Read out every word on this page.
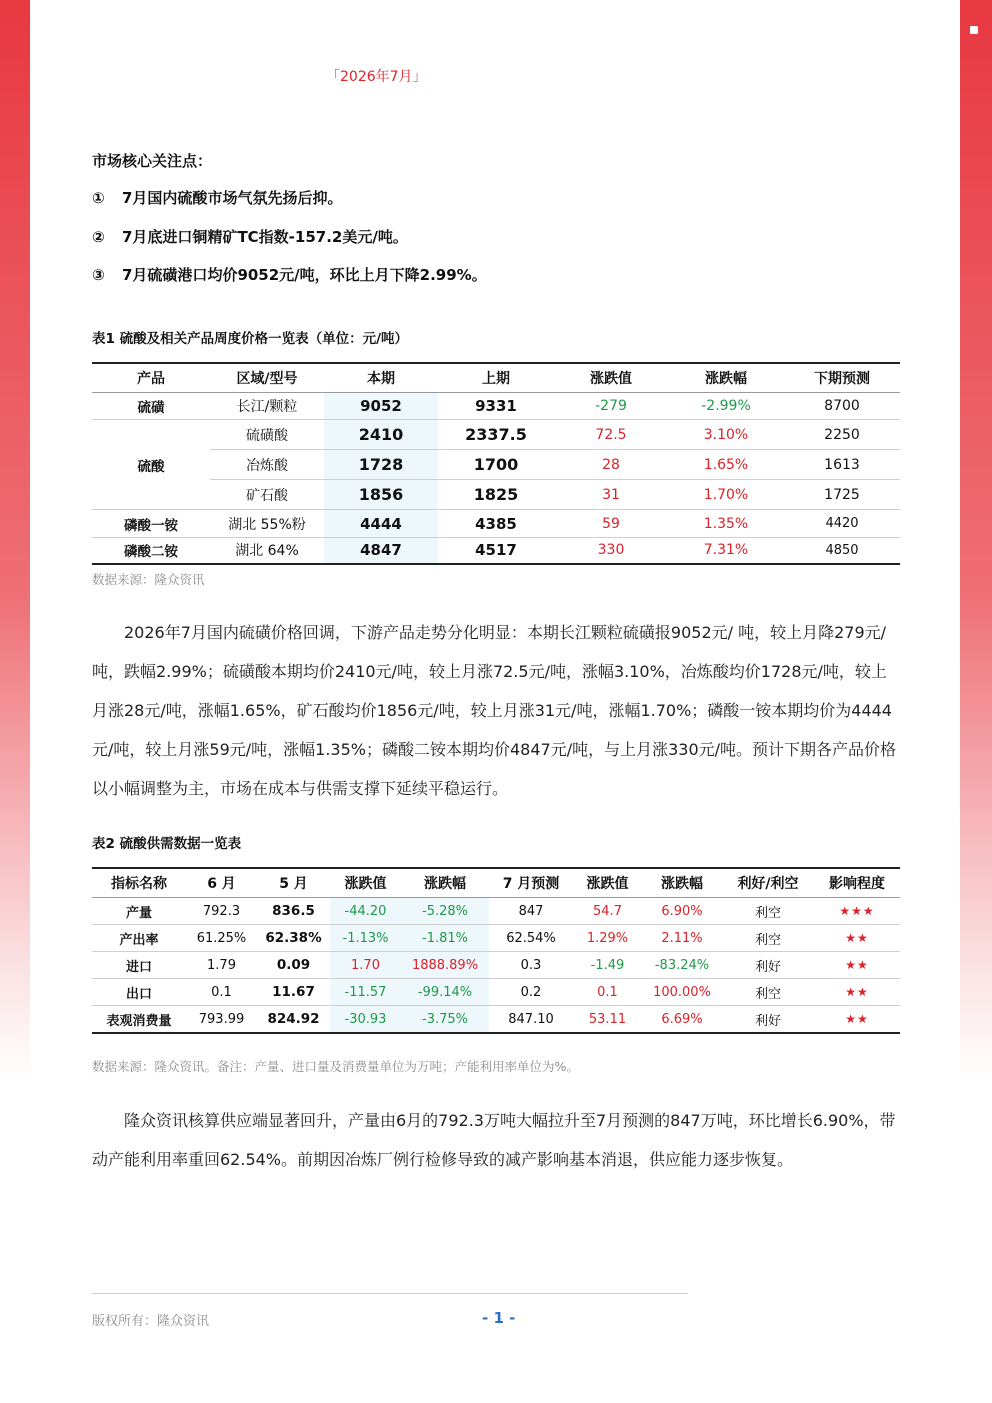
「2026年7月」
市场核心关注点：
① 7月国内硫酸市场气氛先扬后抑。
② 7月底进口铜精矿TC指数-157.2美元/吨。
③ 7月硫磺港口均价9052元/吨，环比上月下降2.99%。
表1 硫酸及相关产品周度价格一览表（单位：元/吨）
产品	区域/型号	本期	上期	涨跌值	涨跌幅	下期预测
硫磺	长江/颗粒	9052	9331	-279	-2.99%	8700
硫酸	硫磺酸	2410	2337.5	72.5	3.10%	2250
	冶炼酸	1728	1700	28	1.65%	1613
	矿石酸	1856	1825	31	1.70%	1725
磷酸一铵	湖北 55%粉	4444	4385	59	1.35%	4420
磷酸二铵	湖北 64%	4847	4517	330	7.31%	4850
数据来源：隆众资讯
2026年7月国内硫磺价格回调，下游产品走势分化明显：本期长江颗粒硫磺报9052元/ 吨，较上月降279元/吨，跌幅2.99%；硫磺酸本期均价2410元/吨，较上月涨72.5元/吨，涨幅3.10%，冶炼酸均价1728元/吨，较上月涨28元/吨，涨幅1.65%，矿石酸均价1856元/吨，较上月涨31元/吨，涨幅1.70%；磷酸一铵本期均价为4444元/吨，较上月涨59元/吨，涨幅1.35%；磷酸二铵本期均价4847元/吨，与上月涨330元/吨。预计下期各产品价格以小幅调整为主，市场在成本与供需支撑下延续平稳运行。
表2 硫酸供需数据一览表
指标名称	6 月	5 月	涨跌值	涨跌幅	7 月预测	涨跌值	涨跌幅	利好/利空	影响程度
产量	792.3	836.5	-44.20	-5.28%	847	54.7	6.90%	利空	★★★
产出率	61.25%	62.38%	-1.13%	-1.81%	62.54%	1.29%	2.11%	利空	★★
进口	1.79	0.09	1.70	1888.89%	0.3	-1.49	-83.24%	利好	★★
出口	0.1	11.67	-11.57	-99.14%	0.2	0.1	100.00%	利空	★★
表观消费量	793.99	824.92	-30.93	-3.75%	847.10	53.11	6.69%	利好	★★
数据来源：隆众资讯。备注：产量、进口量及消费量单位为万吨；产能利用率单位为%。
隆众资讯核算供应端显著回升，产量由6月的792.3万吨大幅拉升至7月预测的847万吨，环比增长6.90%，带动产能利用率重回62.54%。前期因冶炼厂例行检修导致的减产影响基本消退，供应能力逐步恢复。
版权所有：隆众资讯	- 1 -
